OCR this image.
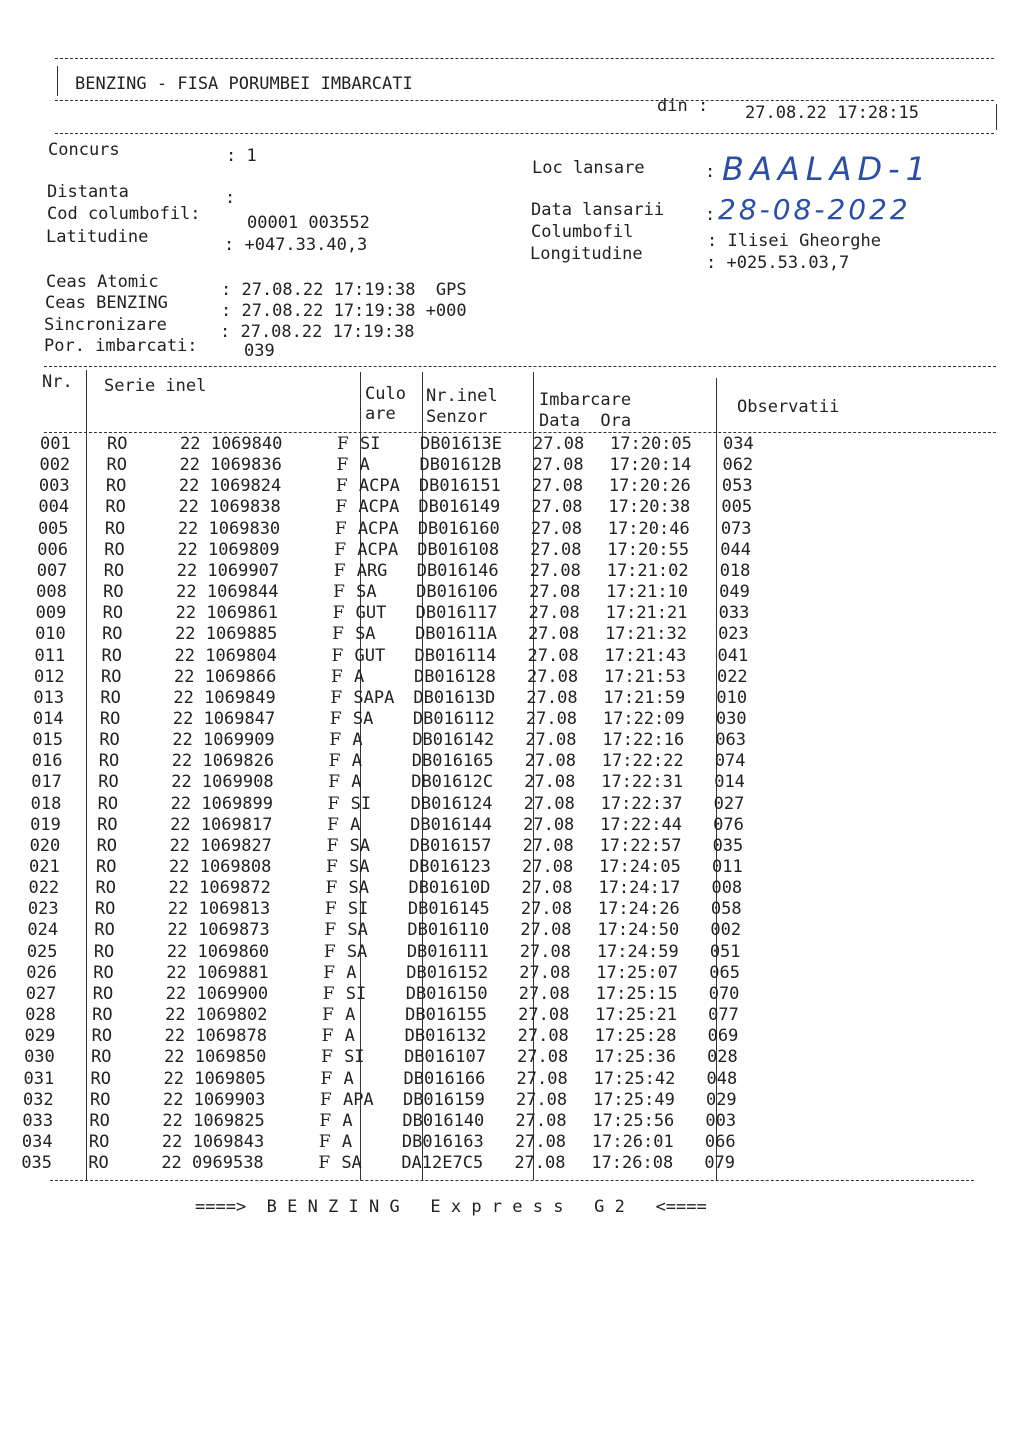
BENZING - FISA PORUMBEI IMBARCATI
din : 27.08.22 17:28:15
Concurs	: 1
Distanta	:
Cod columbofil:	00001 003552
Latitudine	: +047.33.40,3
Loc lansare	: BAALAD-1
Data lansarii : 28-08-2022
Columbofil	: Ilisei Gheorghe
Longitudine	: +025.53.03,7
Ceas Atomic	: 27.08.22 17:19:38  GPS
Ceas BENZING	: 27.08.22 17:19:38 +000
Sincronizare	: 27.08.22 17:19:38
Por. imbarcati:	039
Nr. Serie inel	Culo
are
Nr.inel
Senzor
Imbarcare
Data  Ora
Observatii
001 RO	22 1069840	F SI DB01613E 27.08 17:20:05 034
002 RO	22 1069836	F A	DB01612B 27.08 17:20:14 062
003 RO	22 1069824	F ACPA DB016151 27.08 17:20:26 053
004 RO	22 1069838	F ACPA DB016149 27.08 17:20:38 005
005 RO	22 1069830	F ACPA DB016160 27.08 17:20:46 073
006 RO	22 1069809	F ACPA DB016108 27.08 17:20:55 044
007 RO	22 1069907	F ARG DB016146 27.08 17:21:02 018
008 RO	22 1069844	F SA DB016106 27.08 17:21:10 049
009 RO	22 1069861	F GUT DB016117 27.08 17:21:21 033
010 RO	22 1069885	F SA DB01611A 27.08 17:21:32 023
011 RO	22 1069804	F GUT DB016114 27.08 17:21:43 041
012 RO	22 1069866	F A	DB016128 27.08 17:21:53 022
013 RO	22 1069849	F SAPA DB01613D 27.08 17:21:59 010
014 RO	22 1069847	F SA DB016112 27.08 17:22:09 030
015 RO	22 1069909	F A	DB016142 27.08 17:22:16 063
016 RO	22 1069826	F A	DB016165 27.08 17:22:22 074
017 RO	22 1069908	F A	DB01612C 27.08 17:22:31 014
018 RO	22 1069899	F SI DB016124 27.08 17:22:37 027
019 RO	22 1069817	F A	DB016144 27.08 17:22:44 076
020 RO	22 1069827	F SA DB016157 27.08 17:22:57 035
021 RO	22 1069808	F SA DB016123 27.08 17:24:05 011
022 RO	22 1069872	F SA DB01610D 27.08 17:24:17 008
023 RO	22 1069813	F SI DB016145 27.08 17:24:26 058
024 RO	22 1069873	F SA DB016110 27.08 17:24:50 002
025 RO	22 1069860	F SA DB016111 27.08 17:24:59 051
026 RO	22 1069881	F A	DB016152 27.08 17:25:07 065
027 RO	22 1069900	F SI DB016150 27.08 17:25:15 070
028 RO	22 1069802	F A	DB016155 27.08 17:25:21 077
029 RO	22 1069878	F A	DB016132 27.08 17:25:28 069
030 RO	22 1069850	F SI DB016107 27.08 17:25:36 028
031 RO	22 1069805	F A	DB016166 27.08 17:25:42 048
032 RO	22 1069903	F APA DB016159 27.08 17:25:49 029
033 RO	22 1069825	F A	DB016140 27.08 17:25:56 003
034 RO	22 1069843	F A	DB016163 27.08 17:26:01 066
035 RO	22 0969538	F SA DA12E7C5 27.08 17:26:08 079
====>  B E N Z I N G   E x p r e s s   G 2   <====
